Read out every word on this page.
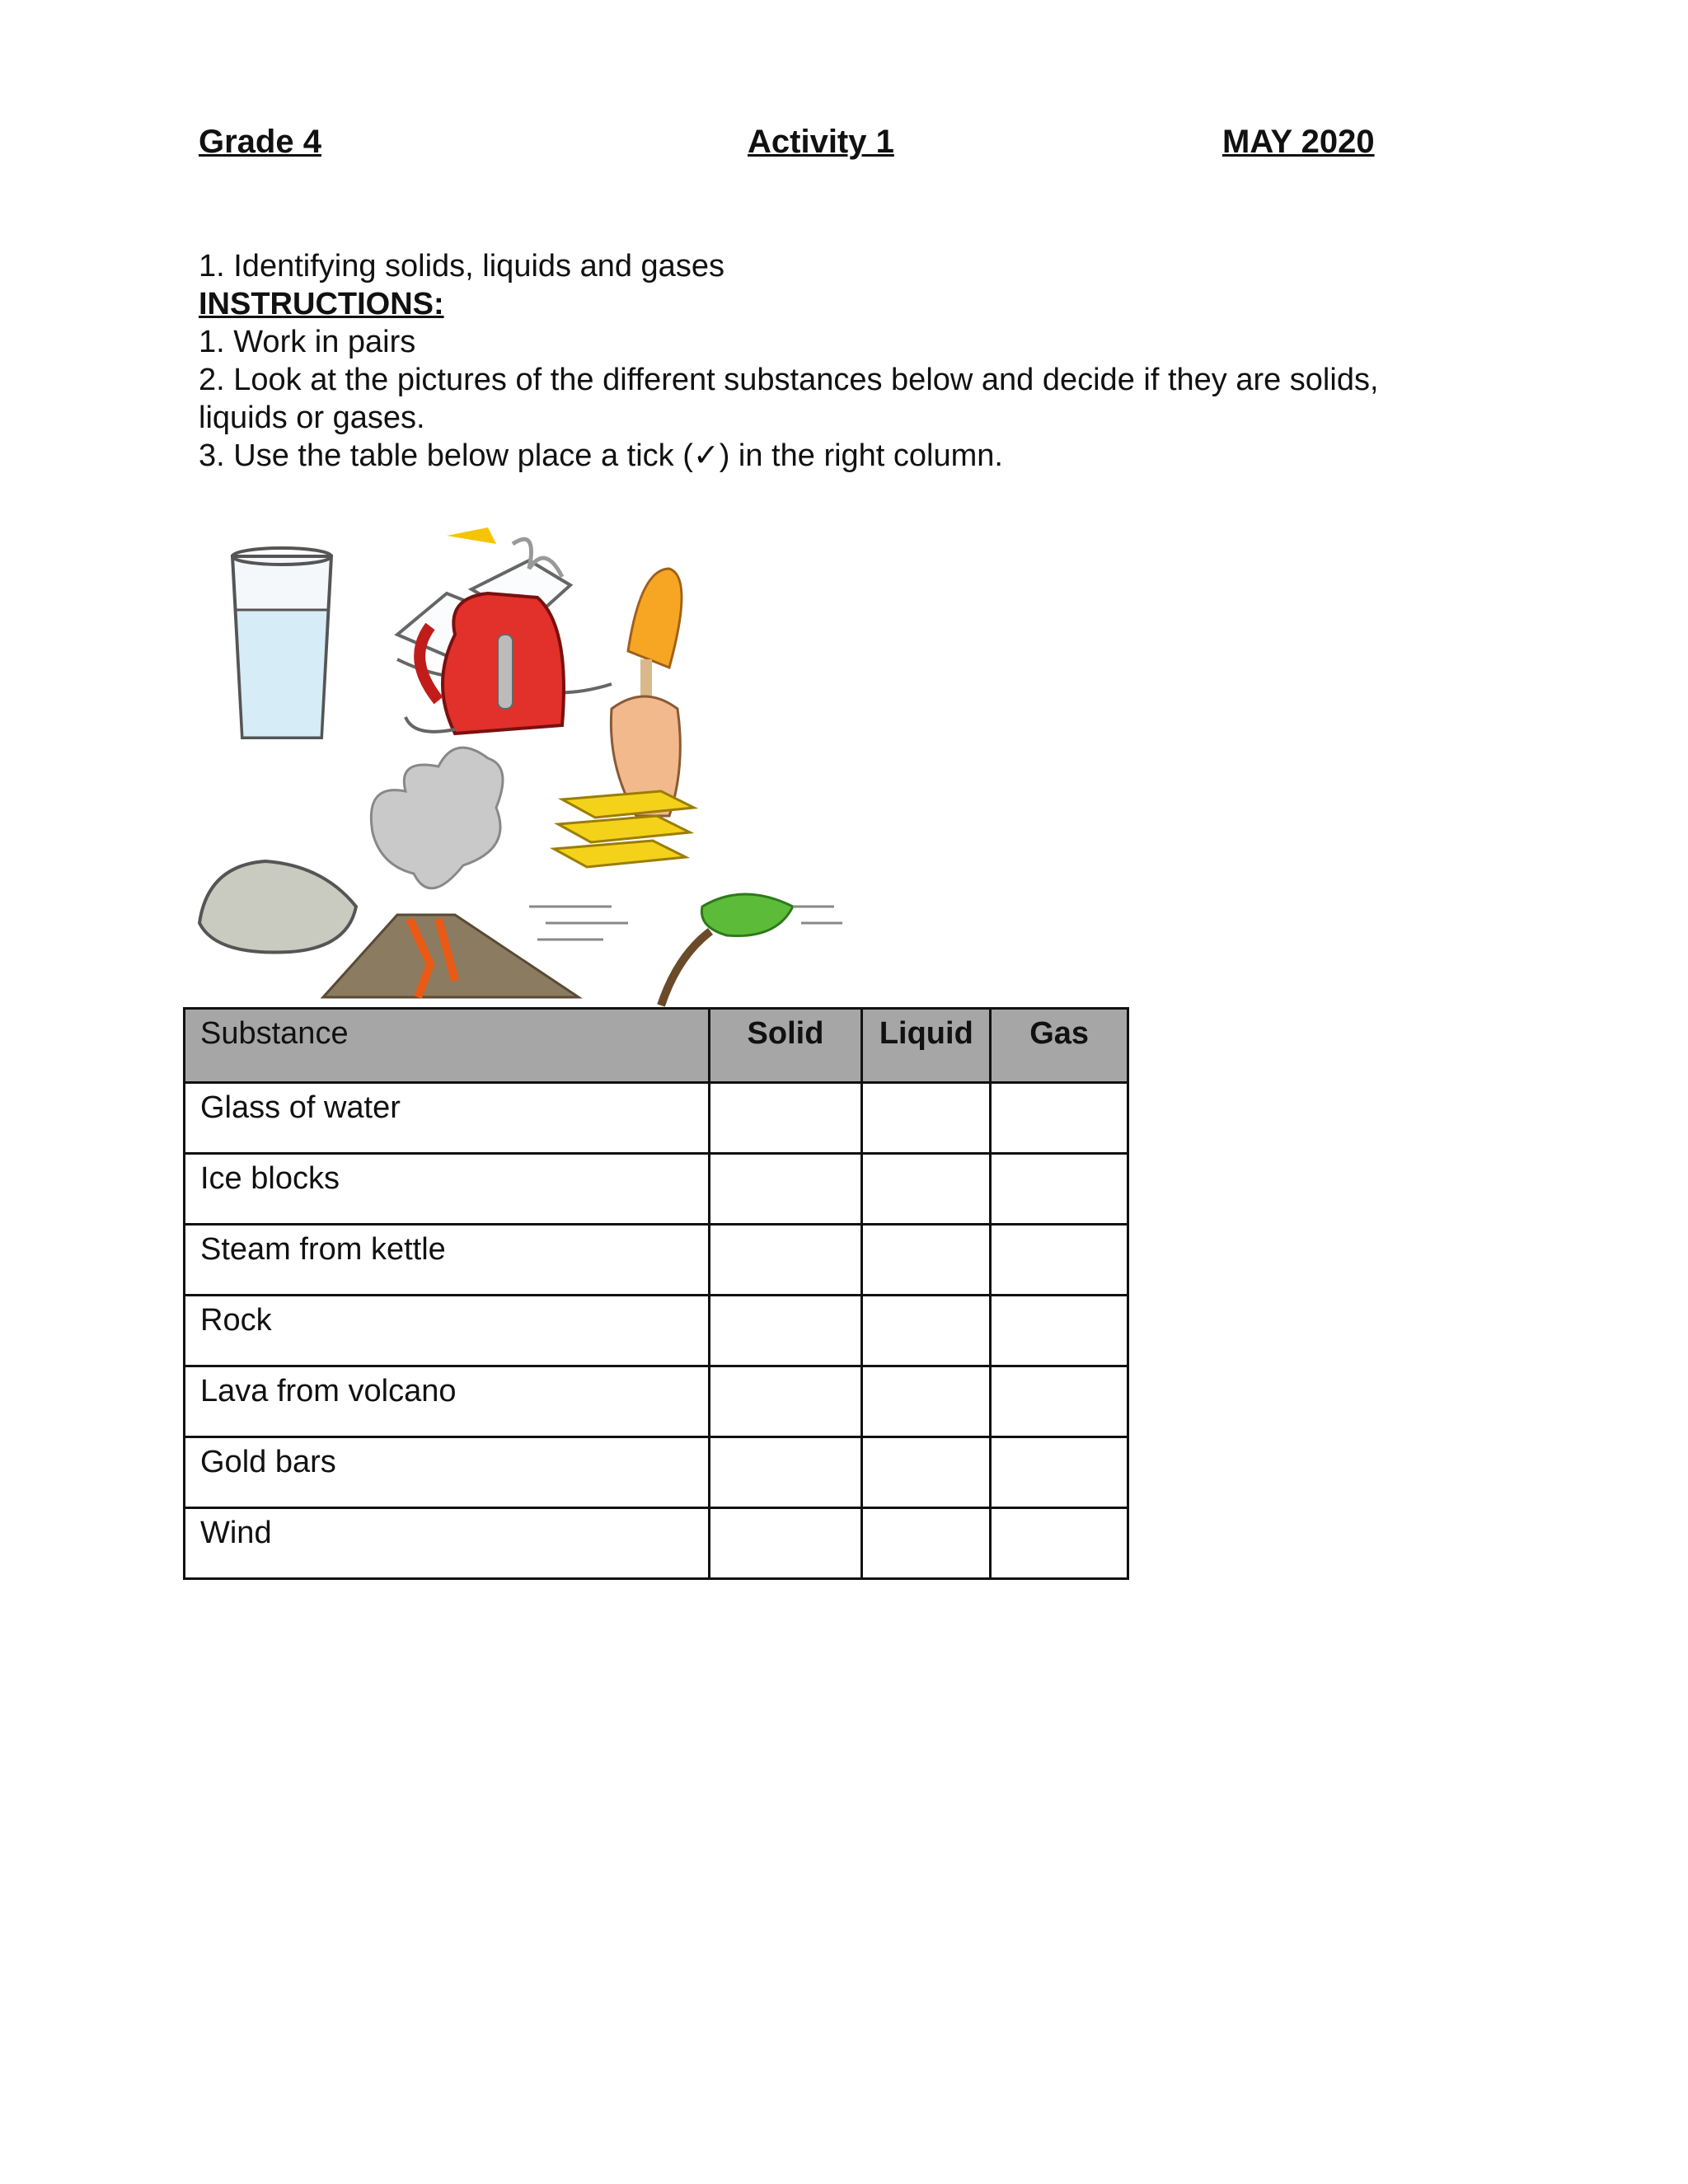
Grade 4	Activity 1	MAY 2020
1. Identifying solids, liquids and gases
INSTRUCTIONS:
1. Work in pairs
2. Look at the pictures of the different substances below and decide if they are solids,
liquids or gases.
3. Use the table below place a tick (✓) in the right column.
Substance	Solid	Liquid	Gas
Glass of water			
Ice blocks			
Steam from kettle			
Rock			
Lava from volcano			
Gold bars			
Wind			
